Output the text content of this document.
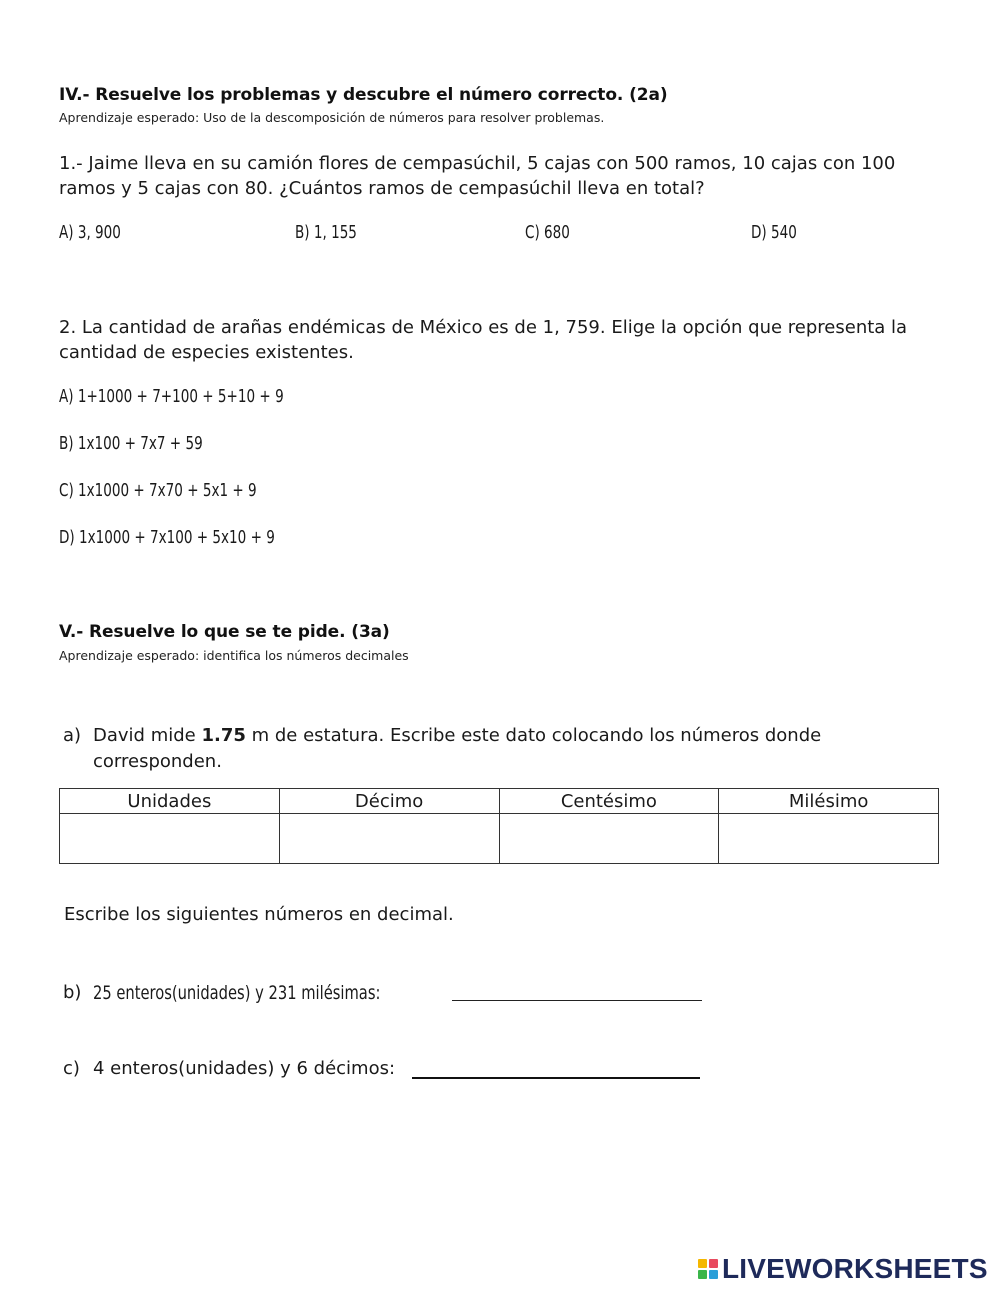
IV.- Resuelve los problemas y descubre el número correcto. (2a)
Aprendizaje esperado: Uso de la descomposición de números para resolver problemas.
1.- Jaime lleva en su camión flores de cempasúchil, 5 cajas con 500 ramos, 10 cajas con 100 ramos y 5 cajas con 80. ¿Cuántos ramos de cempasúchil lleva en total?
A) 3, 900	B) 1, 155	C) 680	D) 540
2. La cantidad de arañas endémicas de México es de 1, 759. Elige la opción que representa la cantidad de especies existentes.
A) 1+1000 + 7+100 + 5+10 + 9
B) 1x100 + 7x7 + 59
C) 1x1000 + 7x70 + 5x1 + 9
D) 1x1000 + 7x100 + 5x10 + 9
V.- Resuelve lo que se te pide. (3a)
Aprendizaje esperado: identifica los números decimales
a) David mide 1.75 m de estatura. Escribe este dato colocando los números donde corresponden.
Unidades	Décimo	Centésimo	Milésimo

Escribe los siguientes números en decimal.
b) 25 enteros(unidades) y 231 milésimas:
c) 4 enteros(unidades) y 6 décimos:
LIVEWORKSHEETS
